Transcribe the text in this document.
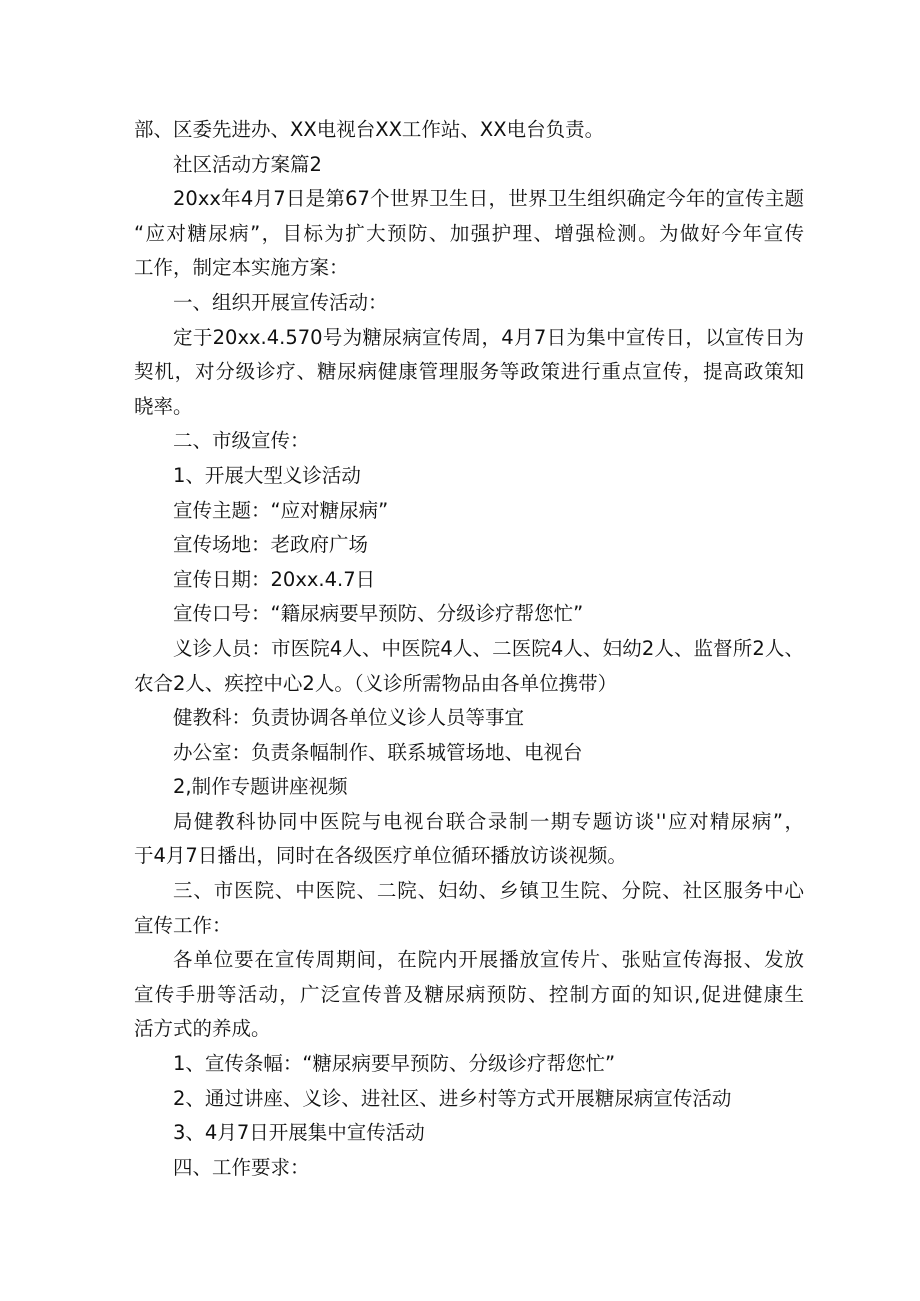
部、区委先进办、XX电视台XX工作站、XX电台负责。
社区活动方案篇2
20xx年4月7日是第67个世界卫生日，世界卫生组织确定今年的宣传主题
“应对糖尿病”，目标为扩大预防、加强护理、增强检测。为做好今年宣传
工作，制定本实施方案：
一、组织开展宣传活动：
定于20xx.4.570号为糖尿病宣传周，4月7日为集中宣传日，以宣传日为
契机，对分级诊疗、糖尿病健康管理服务等政策进行重点宣传，提高政策知
晓率。
二、市级宣传：
1、开展大型义诊活动
宣传主题：“应对糖尿病”
宣传场地：老政府广场
宣传日期：20xx.4.7日
宣传口号：“籍尿病要早预防、分级诊疗帮您忙”
义诊人员：市医院4人、中医院4人、二医院4人、妇幼2人、监督所2人、
农合2人、疾控中心2人。（义诊所需物品由各单位携带）
健教科：负责协调各单位义诊人员等事宜
办公室：负责条幅制作、联系城管场地、电视台
2,制作专题讲座视频
局健教科协同中医院与电视台联合录制一期专题访谈''应对精尿病”，
于4月7日播出，同时在各级医疗单位循环播放访谈视频。
三、市医院、中医院、二院、妇幼、乡镇卫生院、分院、社区服务中心
宣传工作：
各单位要在宣传周期间，在院内开展播放宣传片、张贴宣传海报、发放
宣传手册等活动，广泛宣传普及糖尿病预防、控制方面的知识,促进健康生
活方式的养成。
1、宣传条幅：“糖尿病要早预防、分级诊疗帮您忙”
2、通过讲座、义诊、进社区、进乡村等方式开展糖尿病宣传活动
3、4月7日开展集中宣传活动
四、工作要求：
